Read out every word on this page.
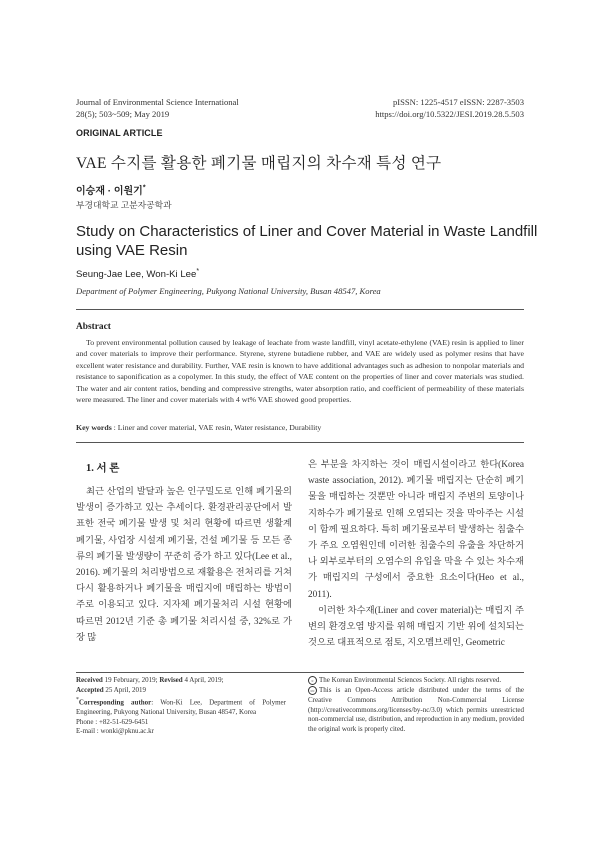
Journal of Environmental Science International
28(5); 503~509; May 2019
pISSN: 1225-4517 eISSN: 2287-3503
https://doi.org/10.5322/JESI.2019.28.5.503
ORIGINAL ARTICLE
VAE 수지를 활용한 폐기물 매립지의 차수재 특성 연구
이승재 · 이원기*
부경대학교 고분자공학과
Study on Characteristics of Liner and Cover Material in Waste Landfill using VAE Resin
Seung-Jae Lee, Won-Ki Lee*
Department of Polymer Engineering, Pukyong National University, Busan 48547, Korea
Abstract
To prevent environmental pollution caused by leakage of leachate from waste landfill, vinyl acetate-ethylene (VAE) resin is applied to liner and cover materials to improve their performance. Styrene, styrene butadiene rubber, and VAE are widely used as polymer resins that have excellent water resistance and durability. Further, VAE resin is known to have additional advantages such as adhesion to nonpolar materials and resistance to saponification as a copolymer. In this study, the effect of VAE content on the properties of liner and cover materials was studied. The water and air content ratios, bending and compressive strengths, water absorption ratio, and coefficient of permeability of these materials were measured. The liner and cover materials with 4 wt% VAE showed good properties.
Key words : Liner and cover material, VAE resin, Water resistance, Durability
1. 서 론

최근 산업의 발달과 높은 인구밀도로 인해 폐기물의 발생이 증가하고 있는 추세이다. 환경관리공단에서 발표한 전국 폐기물 발생 및 처리 현황에 따르면 생활계 폐기물, 사업장 시설계 폐기물, 건설 폐기물 등 모든 종류의 폐기물 발생량이 꾸준히 증가 하고 있다(Lee et al., 2016). 폐기물의 처리방법으로 재활용은 전처리를 거쳐 다시 활용하거나 폐기물을 매립지에 매립하는 방법이 주로 이용되고 있다. 지자체 폐기물처리 시설 현황에 따르면 2012년 기준 총 폐기물 처리시설 중, 32%로 가장 많

은 부분을 차지하는 것이 매립시설이라고 한다(Korea waste association, 2012). 폐기물 매립지는 단순히 폐기물을 매립하는 것뿐만 아니라 매립지 주변의 토양이나 지하수가 폐기물로 인해 오염되는 것을 막아주는 시설이 함께 필요하다. 특히 폐기물로부터 발생하는 침출수가 주요 오염원인데 이러한 침출수의 유출을 차단하거나 외부로부터의 오염수의 유입을 막을 수 있는 차수재가 매립지의 구성에서 중요한 요소이다(Heo et al., 2011).

이러한 차수재(Liner and cover material)는 매립지 주변의 환경오염 방지를 위해 매립지 기반 위에 설치되는 것으로 대표적으로 점토, 지오멤브레인, Geometric

Received 19 February, 2019; Revised 4 April, 2019;
Accepted 25 April, 2019
*Corresponding author: Won-Ki Lee, Department of Polymer Engineering, Pukyong National University, Busan 48547, Korea
Phone : +82-51-629-6451
E-mail : wonki@pknu.ac.kr
c The Korean Environmental Sciences Society. All rights reserved.
cc This is an Open-Access article distributed under the terms of the Creative Commons Attribution Non-Commercial License (http://creativecommons.org/licenses/by-nc/3.0) which permits unrestricted non-commercial use, distribution, and reproduction in any medium, provided the original work is properly cited.
